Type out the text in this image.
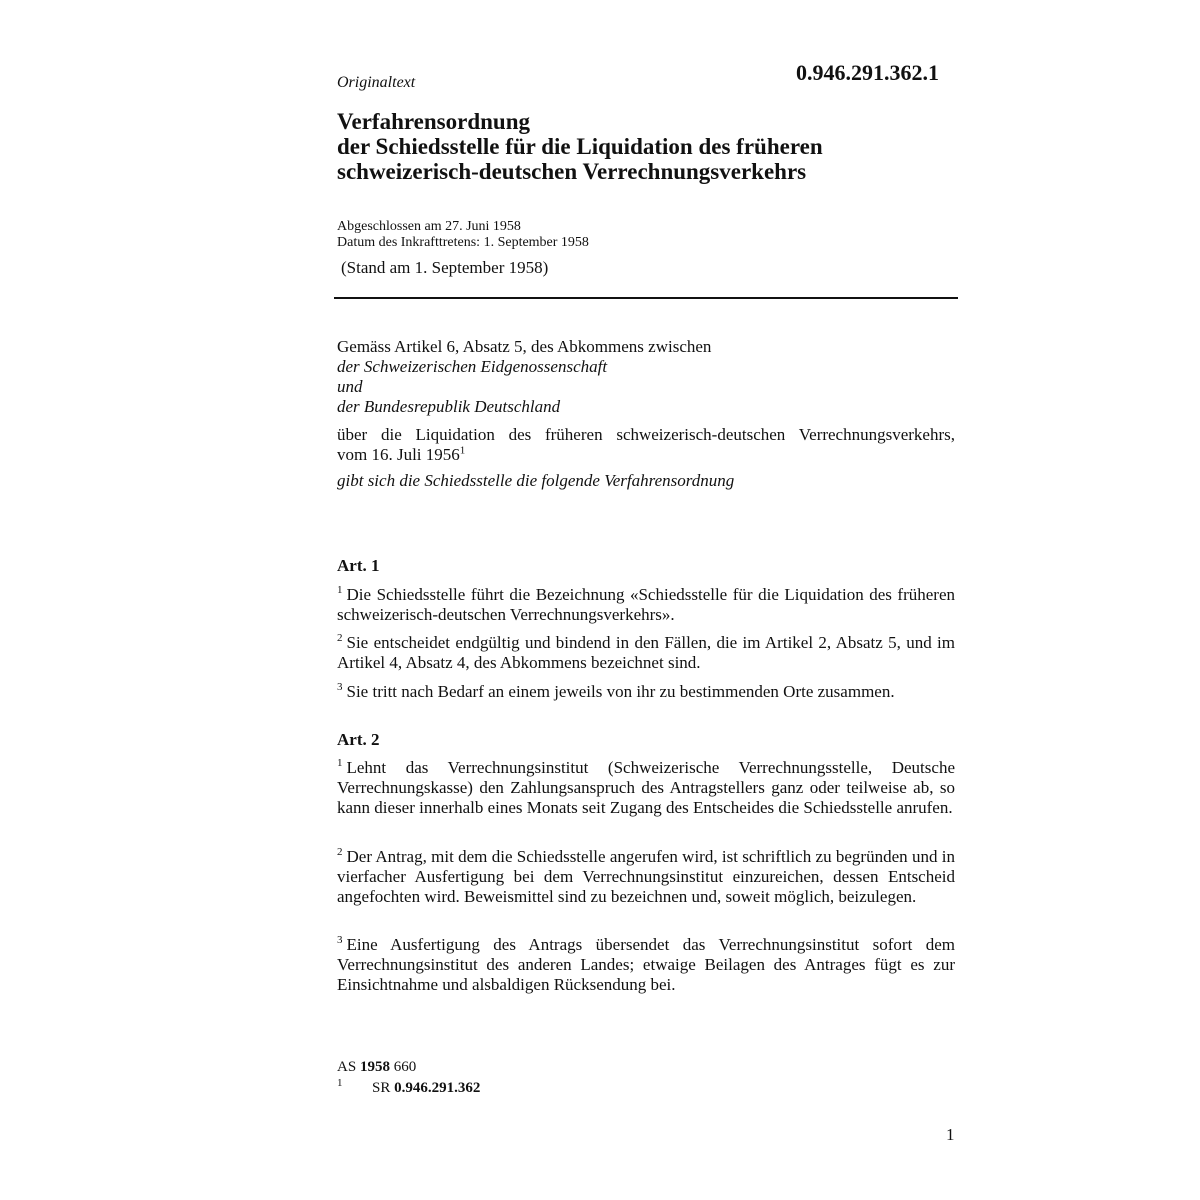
Originaltext	0.946.291.362.1
Verfahrensordnung
der Schiedsstelle für die Liquidation des früheren
schweizerisch-deutschen Verrechnungsverkehrs
Abgeschlossen am 27. Juni 1958
Datum des Inkrafttretens: 1. September 1958
(Stand am 1. September 1958)
Gemäss Artikel 6, Absatz 5, des Abkommens zwischen
der Schweizerischen Eidgenossenschaft
und
der Bundesrepublik Deutschland
über die Liquidation des früheren schweizerisch-deutschen Verrechnungsverkehrs,
vom 16. Juli 1956$^1$
gibt sich die Schiedsstelle die folgende Verfahrensordnung
Art. 1
$^1$ Die Schiedsstelle führt die Bezeichnung «Schiedsstelle für die Liquidation des früheren schweizerisch-deutschen Verrechnungsverkehrs».
$^2$ Sie entscheidet endgültig und bindend in den Fällen, die im Artikel 2, Absatz 5, und im Artikel 4, Absatz 4, des Abkommens bezeichnet sind.
$^3$ Sie tritt nach Bedarf an einem jeweils von ihr zu bestimmenden Orte zusammen.
Art. 2
$^1$ Lehnt das Verrechnungsinstitut (Schweizerische Verrechnungsstelle, Deutsche Verrechnungskasse) den Zahlungsanspruch des Antragstellers ganz oder teilweise ab, so kann dieser innerhalb eines Monats seit Zugang des Entscheides die Schiedsstelle anrufen.
$^2$ Der Antrag, mit dem die Schiedsstelle angerufen wird, ist schriftlich zu begründen und in vierfacher Ausfertigung bei dem Verrechnungsinstitut einzureichen, dessen Entscheid angefochten wird. Beweismittel sind zu bezeichnen und, soweit möglich, beizulegen.
$^3$ Eine Ausfertigung des Antrags übersendet das Verrechnungsinstitut sofort dem Verrechnungsinstitut des anderen Landes; etwaige Beilagen des Antrages fügt es zur Einsichtnahme und alsbaldigen Rücksendung bei.
AS 1958 660
$^1$ SR 0.946.291.362
1
